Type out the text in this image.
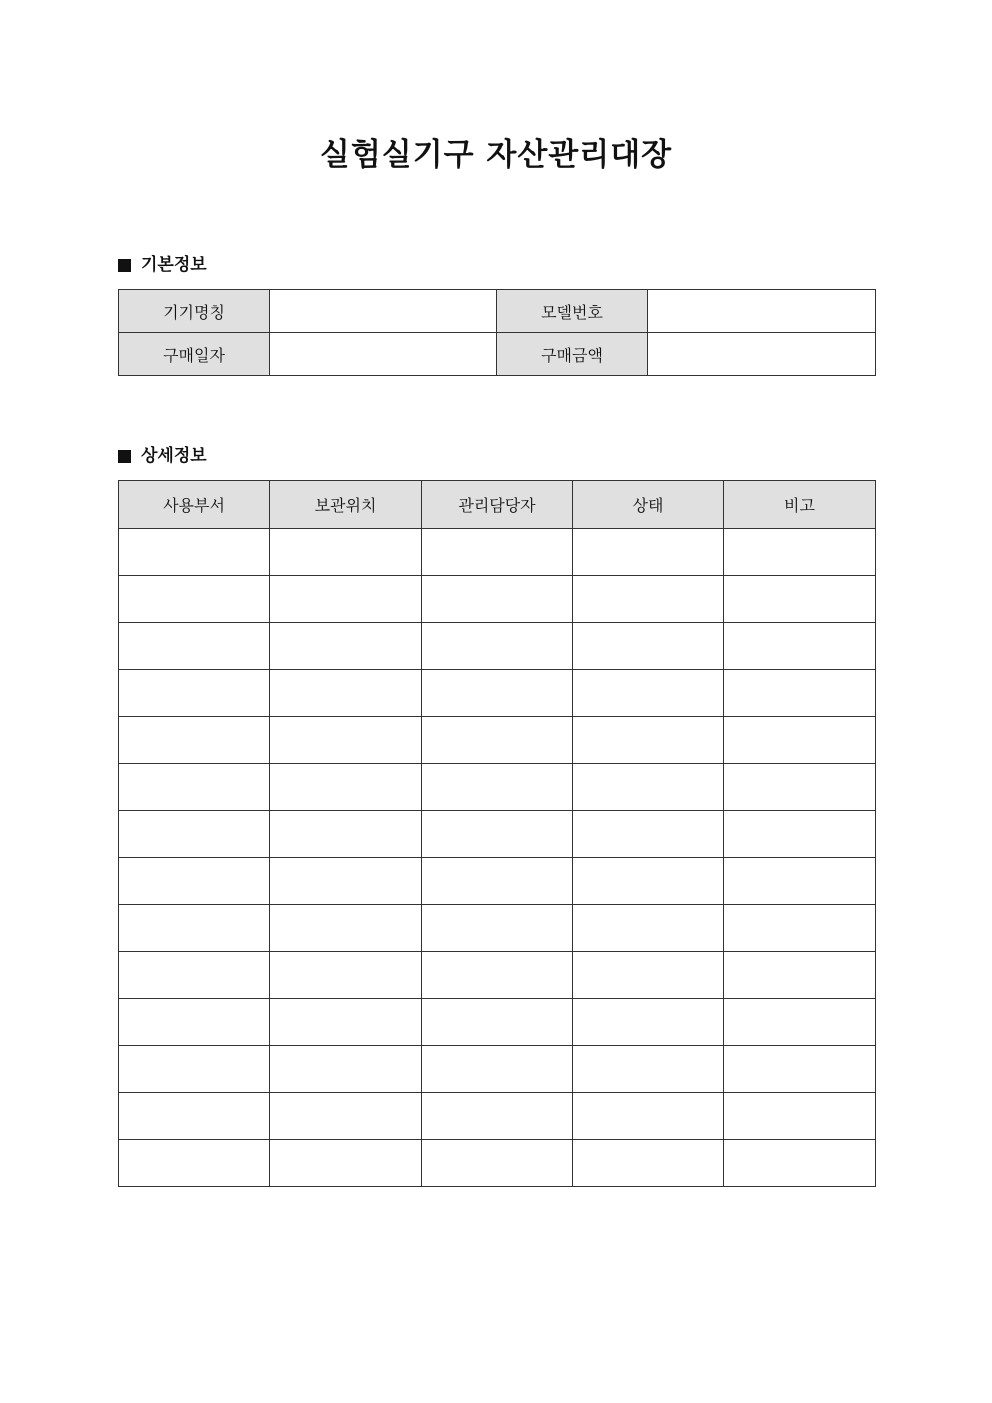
실험실기구 자산관리대장
기본정보
기기명칭		모델번호	
구매일자		구매금액	
상세정보
사용부서	보관위치	관리담당자	상태	비고
